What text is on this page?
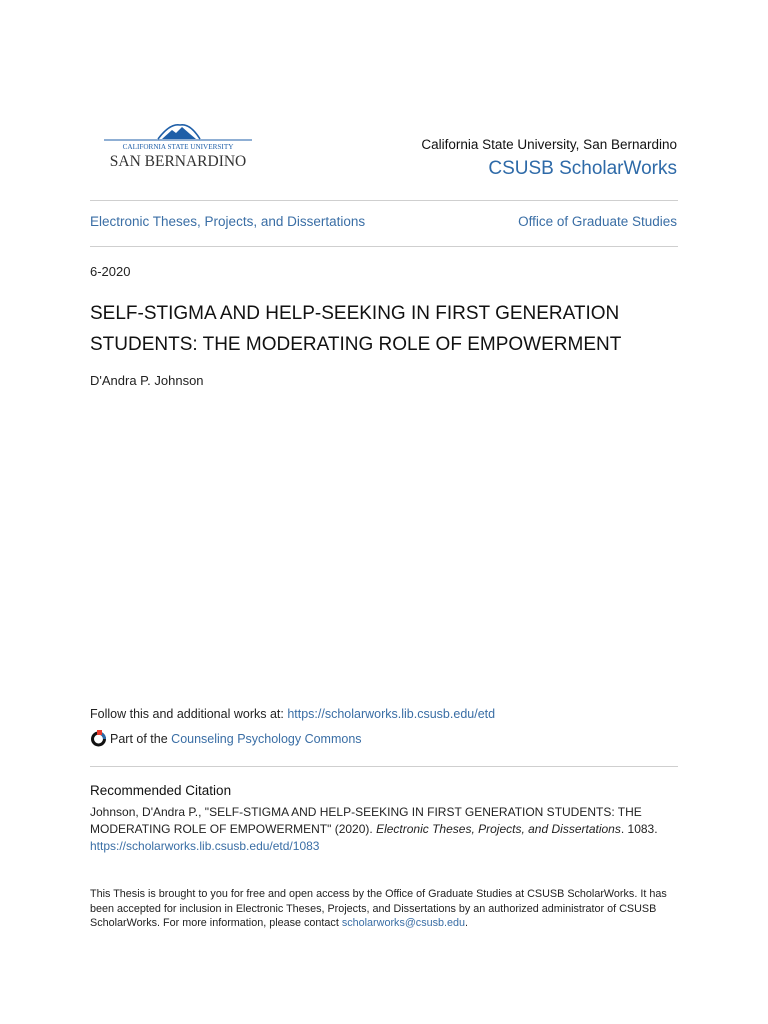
CALIFORNIA STATE UNIVERSITY
SAN BERNARDINO
California State University, San Bernardino
CSUSB ScholarWorks
Electronic Theses, Projects, and Dissertations	Office of Graduate Studies
6-2020
SELF-STIGMA AND HELP-SEEKING IN FIRST GENERATION STUDENTS: THE MODERATING ROLE OF EMPOWERMENT
D'Andra P. Johnson
Follow this and additional works at: https://scholarworks.lib.csusb.edu/etd
Part of the
Counseling Psychology Commons
Recommended Citation
Johnson, D'Andra P., "SELF-STIGMA AND HELP-SEEKING IN FIRST GENERATION STUDENTS: THE MODERATING ROLE OF EMPOWERMENT" (2020). Electronic Theses, Projects, and Dissertations. 1083.
https://scholarworks.lib.csusb.edu/etd/1083
This Thesis is brought to you for free and open access by the Office of Graduate Studies at CSUSB ScholarWorks. It has been accepted for inclusion in Electronic Theses, Projects, and Dissertations by an authorized administrator of CSUSB ScholarWorks. For more information, please contact scholarworks@csusb.edu.
